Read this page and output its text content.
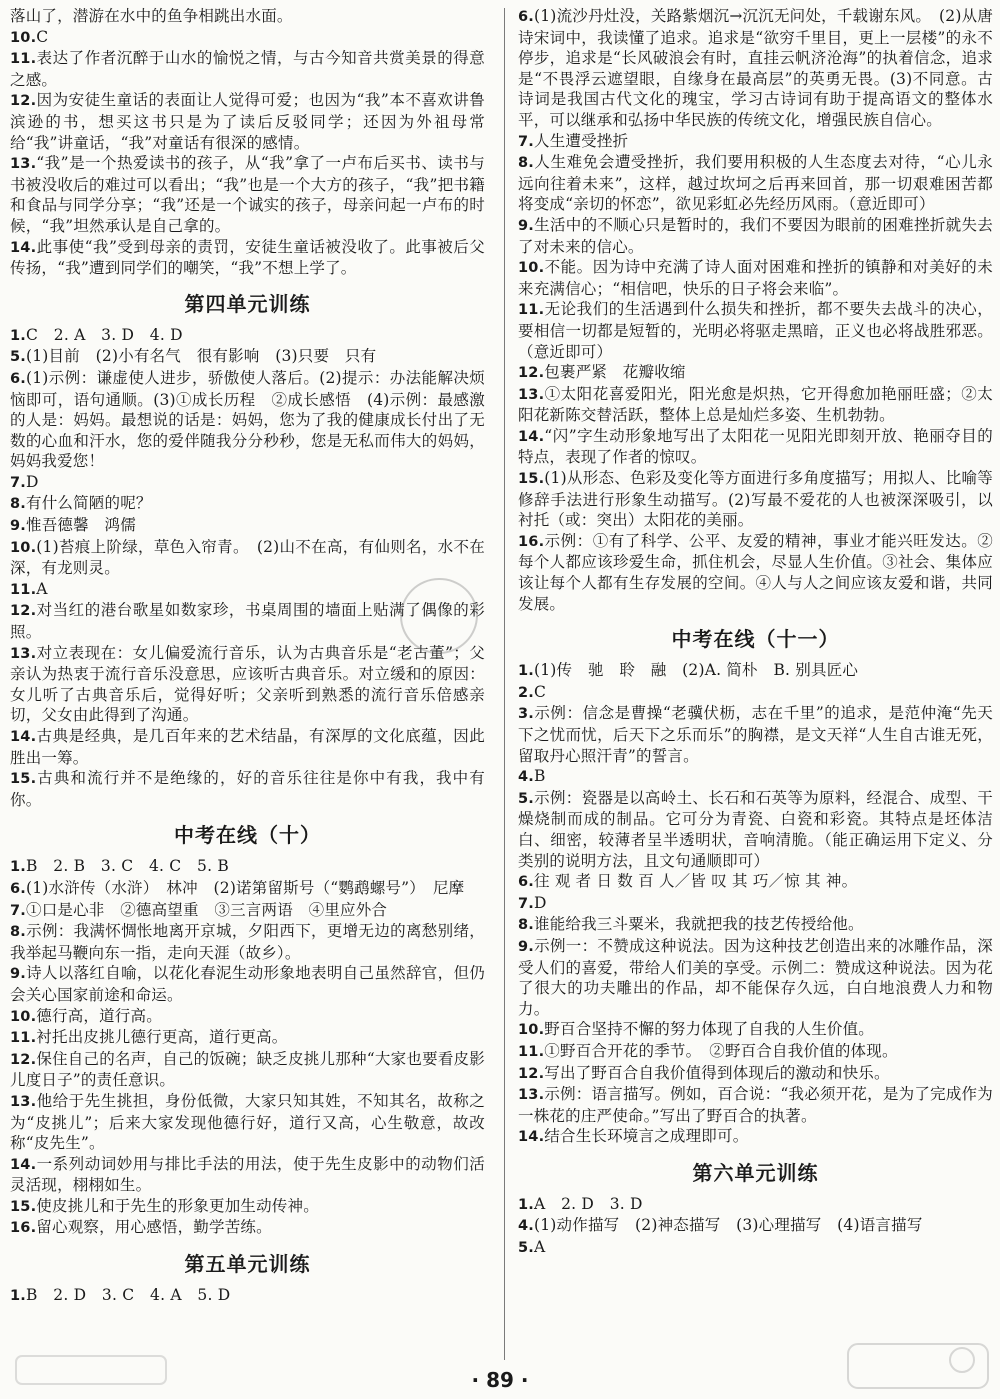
落山了，潜游在水中的鱼争相跳出水面。

10.C

11.表达了作者沉醉于山水的愉悦之情，与古今知音共赏美景的得意之感。

12.因为安徒生童话的表面让人觉得可爱；也因为“我”本不喜欢讲鲁滨逊的书，想买这书只是为了读后反驳同学；还因为外祖母常给“我”讲童话，“我”对童话有很深的感情。

13.“我”是一个热爱读书的孩子，从“我”拿了一卢布后买书、读书与书被没收后的难过可以看出；“我”也是一个大方的孩子，“我”把书籍和食品与同学分享；“我”还是一个诚实的孩子，母亲问起一卢布的时候，“我”坦然承认是自己拿的。

14.此事使“我”受到母亲的责罚，安徒生童话被没收了。此事被后父传扬，“我”遭到同学们的嘲笑，“我”不想上学了。

第四单元训练

1.C　2. A　3. D　4. D

5.(1)目前　(2)小有名气　很有影响　(3)只要　只有

6.(1)示例：谦虚使人进步，骄傲使人落后。(2)提示：办法能解决烦恼即可，语句通顺。(3)①成长历程　②成长感悟　(4)示例：最感激的人是：妈妈。最想说的话是：妈妈，您为了我的健康成长付出了无数的心血和汗水，您的爱伴随我分分秒秒，您是无私而伟大的妈妈，妈妈我爱您！

7.D

8.有什么简陋的呢？

9.惟吾德馨　鸿儒

10.(1)苔痕上阶绿，草色入帘青。　(2)山不在高，有仙则名，水不在深，有龙则灵。

11.A

12.对当红的港台歌星如数家珍，书桌周围的墙面上贴满了偶像的彩照。

13.对立表现在：女儿偏爱流行音乐，认为古典音乐是“老古董”；父亲认为热衷于流行音乐没意思，应该听古典音乐。对立缓和的原因：女儿听了古典音乐后，觉得好听；父亲听到熟悉的流行音乐倍感亲切，父女由此得到了沟通。

14.古典是经典，是几百年来的艺术结晶，有深厚的文化底蕴，因此胜出一筹。

15.古典和流行并不是绝缘的，好的音乐往往是你中有我，我中有你。

中考在线（十）

1.B　2. B　3. C　4. C　5. B

6.(1)水浒传（水浒）　林冲　(2)诺第留斯号（“鹦鹉螺号”）　尼摩

7.①口是心非　②德高望重　③三言两语　④里应外合

8.示例：我满怀惆怅地离开京城，夕阳西下，更增无边的离愁别绪，我举起马鞭向东一指，走向天涯（故乡）。

9.诗人以落红自喻，以花化春泥生动形象地表明自己虽然辞官，但仍会关心国家前途和命运。

10.德行高，道行高。

11.衬托出皮挑儿德行更高，道行更高。

12.保住自己的名声，自己的饭碗；缺乏皮挑儿那种“大家也要看皮影儿度日子”的责任意识。

13.他给于先生挑担，身份低微，大家只知其姓，不知其名，故称之为“皮挑儿”；后来大家发现他德行好，道行又高，心生敬意，故改称“皮先生”。

14.一系列动词妙用与排比手法的用法，使于先生皮影中的动物们活灵活现，栩栩如生。

15.使皮挑儿和于先生的形象更加生动传神。

16.留心观察，用心感悟，勤学苦练。

第五单元训练

1.B　2. D　3. C　4. A　5. D

6.(1)流沙丹灶没，关路紫烟沉→沉沉无问处，千载谢东风。　(2)从唐诗宋词中，我读懂了追求。追求是“欲穷千里目，更上一层楼”的永不停步，追求是“长风破浪会有时，直挂云帆济沧海”的执着信念，追求是“不畏浮云遮望眼，自缘身在最高层”的英勇无畏。(3)不同意。古诗词是我国古代文化的瑰宝，学习古诗词有助于提高语文的整体水平，可以继承和弘扬中华民族的传统文化，增强民族自信心。

7.人生遭受挫折

8.人生难免会遭受挫折，我们要用积极的人生态度去对待，“心儿永远向往着未来”，这样，越过坎坷之后再来回首，那一切艰难困苦都将变成“亲切的怀恋”，欲见彩虹必先经历风雨。（意近即可）

9.生活中的不顺心只是暂时的，我们不要因为眼前的困难挫折就失去了对未来的信心。

10.不能。因为诗中充满了诗人面对困难和挫折的镇静和对美好的未来充满信心；“相信吧，快乐的日子将会来临”。

11.无论我们的生活遇到什么损失和挫折，都不要失去战斗的决心，要相信一切都是短暂的，光明必将驱走黑暗，正义也必将战胜邪恶。（意近即可）

12.包裹严紧　花瓣收缩

13.①太阳花喜爱阳光，阳光愈是炽热，它开得愈加艳丽旺盛；②太阳花新陈交替活跃，整体上总是灿烂多姿、生机勃勃。

14.“闪”字生动形象地写出了太阳花一见阳光即刻开放、艳丽夺目的特点，表现了作者的惊叹。

15.(1)从形态、色彩及变化等方面进行多角度描写；用拟人、比喻等修辞手法进行形象生动描写。(2)写最不爱花的人也被深深吸引，以衬托（或：突出）太阳花的美丽。

16.示例：①有了科学、公平、友爱的精神，事业才能兴旺发达。②每个人都应该珍爱生命，抓住机会，尽显人生价值。③社会、集体应该让每个人都有生存发展的空间。④人与人之间应该友爱和谐，共同发展。

中考在线（十一）

1.(1)传　驰　聆　融　(2)A. 简朴　B. 别具匠心

2.C

3.示例：信念是曹操“老骥伏枥，志在千里”的追求，是范仲淹“先天下之忧而忧，后天下之乐而乐”的胸襟，是文天祥“人生自古谁无死，留取丹心照汗青”的誓言。

4.B

5.示例：瓷器是以高岭土、长石和石英等为原料，经混合、成型、干燥烧制而成的制品。它可分为青瓷、白瓷和彩瓷。其特点是坯体洁白、细密，较薄者呈半透明状，音响清脆。（能正确运用下定义、分类别的说明方法，且文句通顺即可）

6.往 观 者 日 数 百 人／皆 叹 其 巧／惊 其 神。

7.D

8.谁能给我三斗粟米，我就把我的技艺传授给他。

9.示例一：不赞成这种说法。因为这种技艺创造出来的冰雕作品，深受人们的喜爱，带给人们美的享受。示例二：赞成这种说法。因为花了很大的功夫雕出的作品，却不能保存久远，白白地浪费人力和物力。

10.野百合坚持不懈的努力体现了自我的人生价值。

11.①野百合开花的季节。　②野百合自我价值的体现。

12.写出了野百合自我价值得到体现后的激动和快乐。

13.示例：语言描写。例如，百合说：“我必须开花，是为了完成作为一株花的庄严使命。”写出了野百合的执著。

14.结合生长环境言之成理即可。

第六单元训练

1.A　2. D　3. D

4.(1)动作描写　(2)神态描写　(3)心理描写　(4)语言描写

5.A

· 89 ·
